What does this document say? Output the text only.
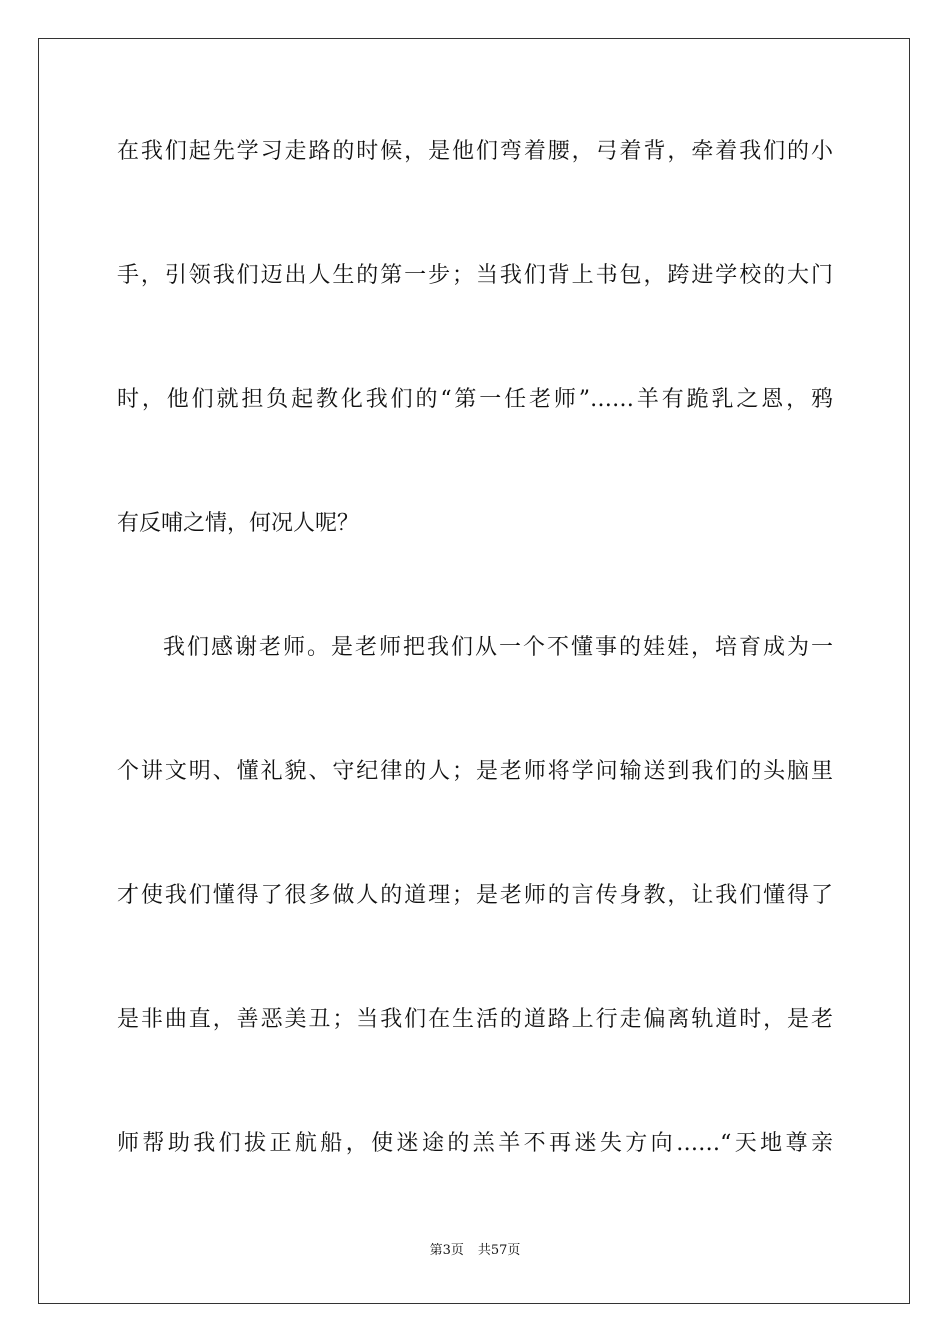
在我们起先学习走路的时候，是他们弯着腰，弓着背，牵着我们的小
手，引领我们迈出人生的第一步；当我们背上书包，跨进学校的大门
时，他们就担负起教化我们的“第一任老师”……羊有跪乳之恩，鸦
有反哺之情，何况人呢？
我们感谢老师。是老师把我们从一个不懂事的娃娃，培育成为一
个讲文明、懂礼貌、守纪律的人；是老师将学问输送到我们的头脑里
才使我们懂得了很多做人的道理；是老师的言传身教，让我们懂得了
是非曲直，善恶美丑；当我们在生活的道路上行走偏离轨道时，是老
师帮助我们拔正航船，使迷途的羔羊不再迷失方向……“天地尊亲
第3页 共57页
